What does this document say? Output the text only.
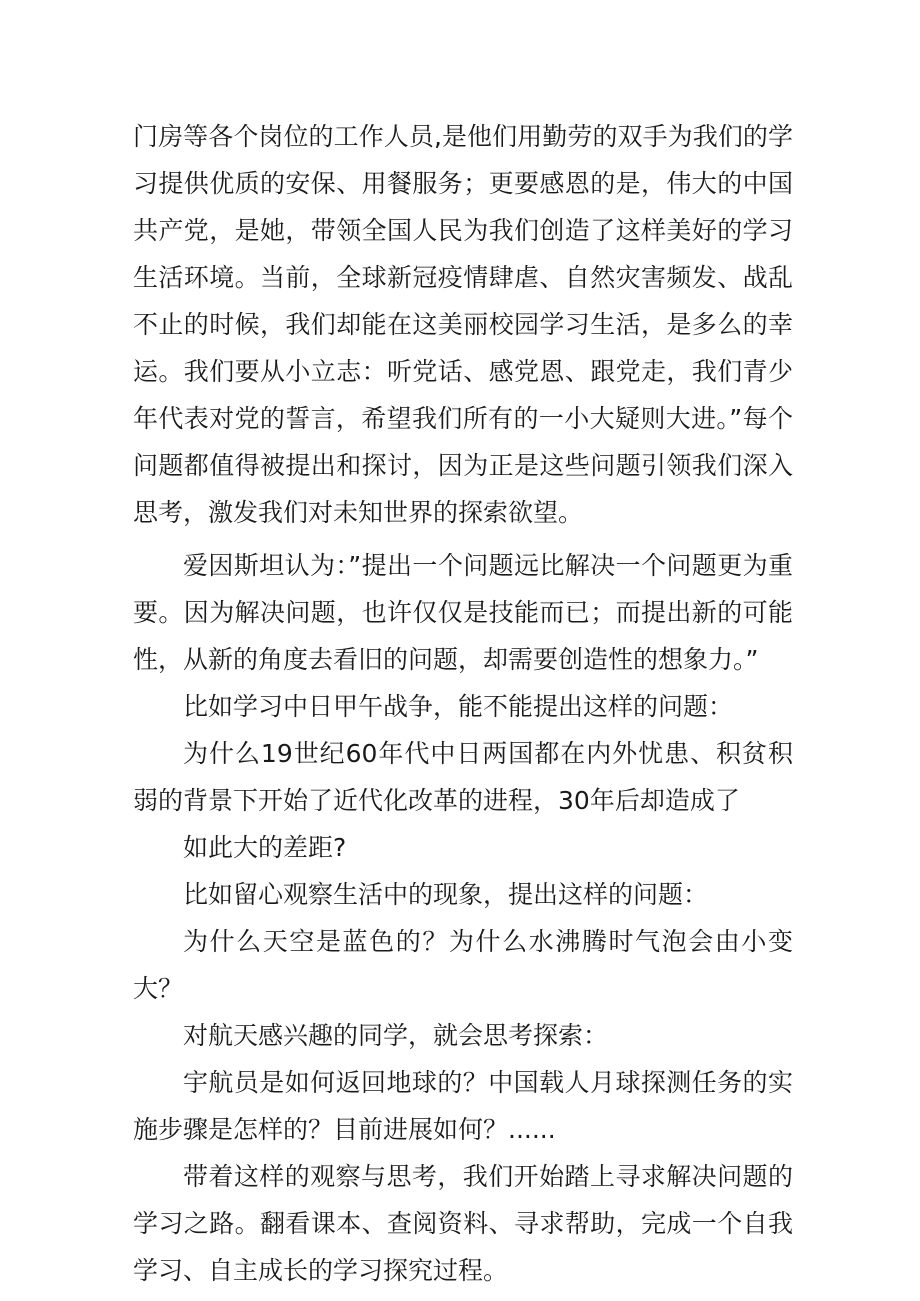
门房等各个岗位的工作人员,是他们用勤劳的双手为我们的学习提供优质的安保、用餐服务；更要感恩的是，伟大的中国共产党，是她，带领全国人民为我们创造了这样美好的学习生活环境。当前，全球新冠疫情肆虐、自然灾害频发、战乱不止的时候，我们却能在这美丽校园学习生活，是多么的幸运。我们要从小立志：听党话、感党恩、跟党走，我们青少年代表对党的誓言，希望我们所有的一小大疑则大进。”每个问题都值得被提出和探讨，因为正是这些问题引领我们深入思考，激发我们对未知世界的探索欲望。

爱因斯坦认为：”提出一个问题远比解决一个问题更为重要。因为解决问题，也许仅仅是技能而已；而提出新的可能性，从新的角度去看旧的问题，却需要创造性的想象力。”

比如学习中日甲午战争，能不能提出这样的问题：

为什么19世纪60年代中日两国都在内外忧患、积贫积弱的背景下开始了近代化改革的进程，30年后却造成了

如此大的差距?

比如留心观察生活中的现象，提出这样的问题：

为什么天空是蓝色的？为什么水沸腾时气泡会由小变大？

对航天感兴趣的同学，就会思考探索：

宇航员是如何返回地球的？中国载人月球探测任务的实施步骤是怎样的？目前进展如何？......

带着这样的观察与思考，我们开始踏上寻求解决问题的学习之路。翻看课本、查阅资料、寻求帮助，完成一个自我学习、自主成长的学习探究过程。
